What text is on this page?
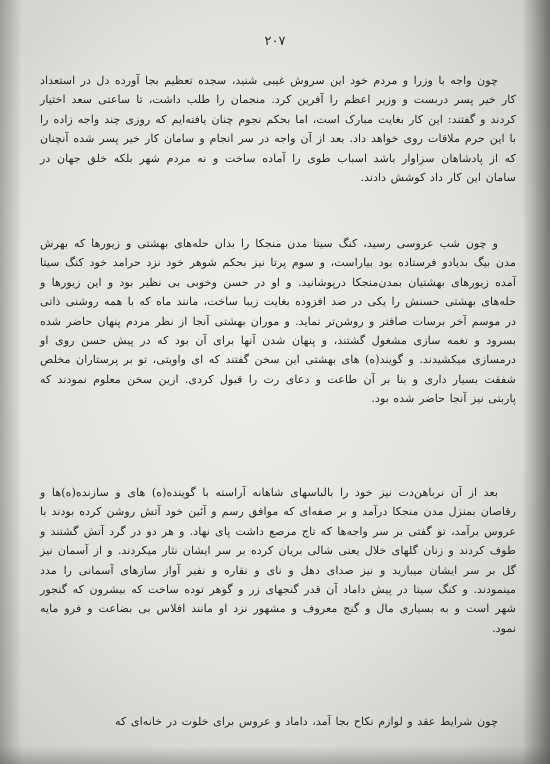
۲۰۷

چون واجه با وزرا و مردم خود این سروش غیبی شنید، سجده تعظیم بجا آورده دل در استعداد کار خیر پسر دربست و وزیر اعظم را آفرین کرد. منجمان را طلب داشت، تا ساعتی سعد اختیار کردند و گفتند: این کار بغایت مبارک است، اما بحکم نجوم چنان یافته‌ایم که روزی چند واجه زاده را با این حرم ملاقات روی خواهد داد. بعد از آن واجه در سر انجام و سامان کار خیر پسر شده آنچنان که از پادشاهان سزاوار باشد اسباب طوی را آماده ساخت و نه مردم شهر بلکه خلق جهان در سامان این کار داد کوشش دادند.

و چون شب عروسی رسید، کنگ سیتا مدن منجکا را بدان حله‌های بهشتی و زیورها که بهرش مدن بیگ بدیادو فرستاده بود بیاراست، و سوم پرتا نیز بحکم شوهر خود نزد حرامد خود کنگ سیتا آمده زیورهای بهشتیان بمدن‌منجکا درپوشانید. و او در حسن وخوبی بی نظیر بود و این زیورها و حله‌های بهشتی حسنش را یکی در صد افزوده بغایت زیبا ساخت، مانند ماه که با همه روشنی ذاتی در موسم آخر برسات صافتر و روشن‌تر نماید. و موران بهشتی آنجا از نظر مردم پنهان حاضر شده بسرود و نغمه سازی مشغول گشتند، و پنهان شدن آنها برای آن بود که در پیش حسن روی او درمسازی میکشیدند. و گویند(ه) های بهشتی این سخن گفتند که ای واویتی، تو بر پرستاران مخلص شفقت بسیار داری و بنا بر آن طاعت و دعای رت را قبول کردی. ازین سخن معلوم نمودند که پاربتی نیز آنجا حاضر شده بود.

بعد از آن نرباهن‌دت نیز خود را بالباسهای شاهانه آراسته با گوینده(ه) های و سازنده(ه)ها و رقاصان بمنزل مدن منجکا درآمد و بر صفه‌ای که موافق رسم و آئین خود آتش روشن کرده بودند با عروس برآمد، تو گفتی بر سر واجه‌ها که تاج مرصع داشت پای نهاد. و هر دو در گرد آتش گشتند و طوف کردند و زنان گلهای خلال یعنی شالی بریان کرده بر سر ایشان نثار میکردند. و از آسمان نیز گل بر سر ایشان میبارید و نیز صدای دهل و نای و نقاره و نفیر آواز سازهای آسمانی را مدد مینمودند. و کنگ سیتا در پیش داماد آن قدر گنجهای زر و گوهر توده ساخت که بیشرون که گنجور شهر است و به بسیاری مال و گنج معروف و مشهور نزد او مانند افلاس بی بضاعت و فرو مایه نمود.

چون شرایط عقد و لوازم نکاح بجا آمد، داماد و عروس برای خلوت در خانه‌ای که
